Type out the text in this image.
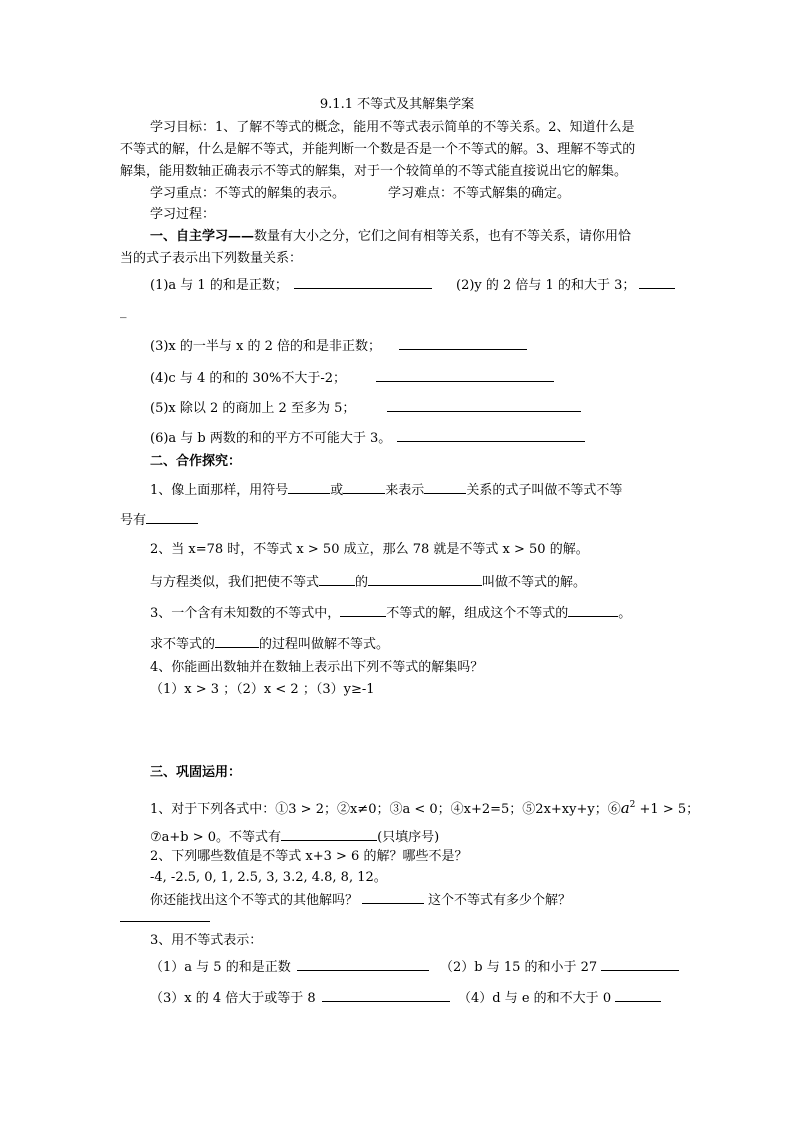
9.1.1 不等式及其解集学案
学习目标：1、了解不等式的概念，能用不等式表示简单的不等关系。2、知道什么是
不等式的解，什么是解不等式，并能判断一个数是否是一个不等式的解。3、理解不等式的
解集，能用数轴正确表示不等式的解集，对于一个较简单的不等式能直接说出它的解集。
学习重点：不等式的解集的表示。	学习难点：不等式解集的确定。
学习过程：
一、自主学习——数量有大小之分，它们之间有相等关系，也有不等关系，请你用恰
当的式子表示出下列数量关系：
(1)a 与 1 的和是正数；	(2)y 的 2 倍与 1 的和大于 3；
_
(3)x 的一半与 x 的 2 倍的和是非正数；
(4)c 与 4 的和的 30%不大于-2；
(5)x 除以 2 的商加上 2 至多为 5；
(6)a 与 b 两数的和的平方不可能大于 3。
二、合作探究：
1、像上面那样，用符号	或	来表示	关系的式子叫做不等式不等
号有
2、当 x=78 时，不等式 x > 50 成立，那么 78 就是不等式 x > 50 的解。
与方程类似，我们把使不等式	的	叫做不等式的解。
3、一个含有未知数的不等式中，	不等式的解，组成这个不等式的	。
求不等式的	的过程叫做解不等式。
4、你能画出数轴并在数轴上表示出下列不等式的解集吗？
（1）x > 3 ；（2）x < 2 ；（3）y≥-1
三、巩固运用：
1、对于下列各式中：①3 > 2；②x≠0；③a < 0；④x+2=5；⑤2x+xy+y；$⑥a^2 +1 > 5$；
⑦a+b > 0。不等式有	(只填序号)
2、下列哪些数值是不等式 x+3 > 6 的解？哪些不是？
-4, -2.5, 0, 1, 2.5, 3, 3.2, 4.8, 8, 12。
你还能找出这个不等式的其他解吗？	这个不等式有多少个解？
3、用不等式表示：
（1）a 与 5 的和是正数	（2）b 与 15 的和小于 27
（3）x 的 4 倍大于或等于 8	（4）d 与 e 的和不大于 0
